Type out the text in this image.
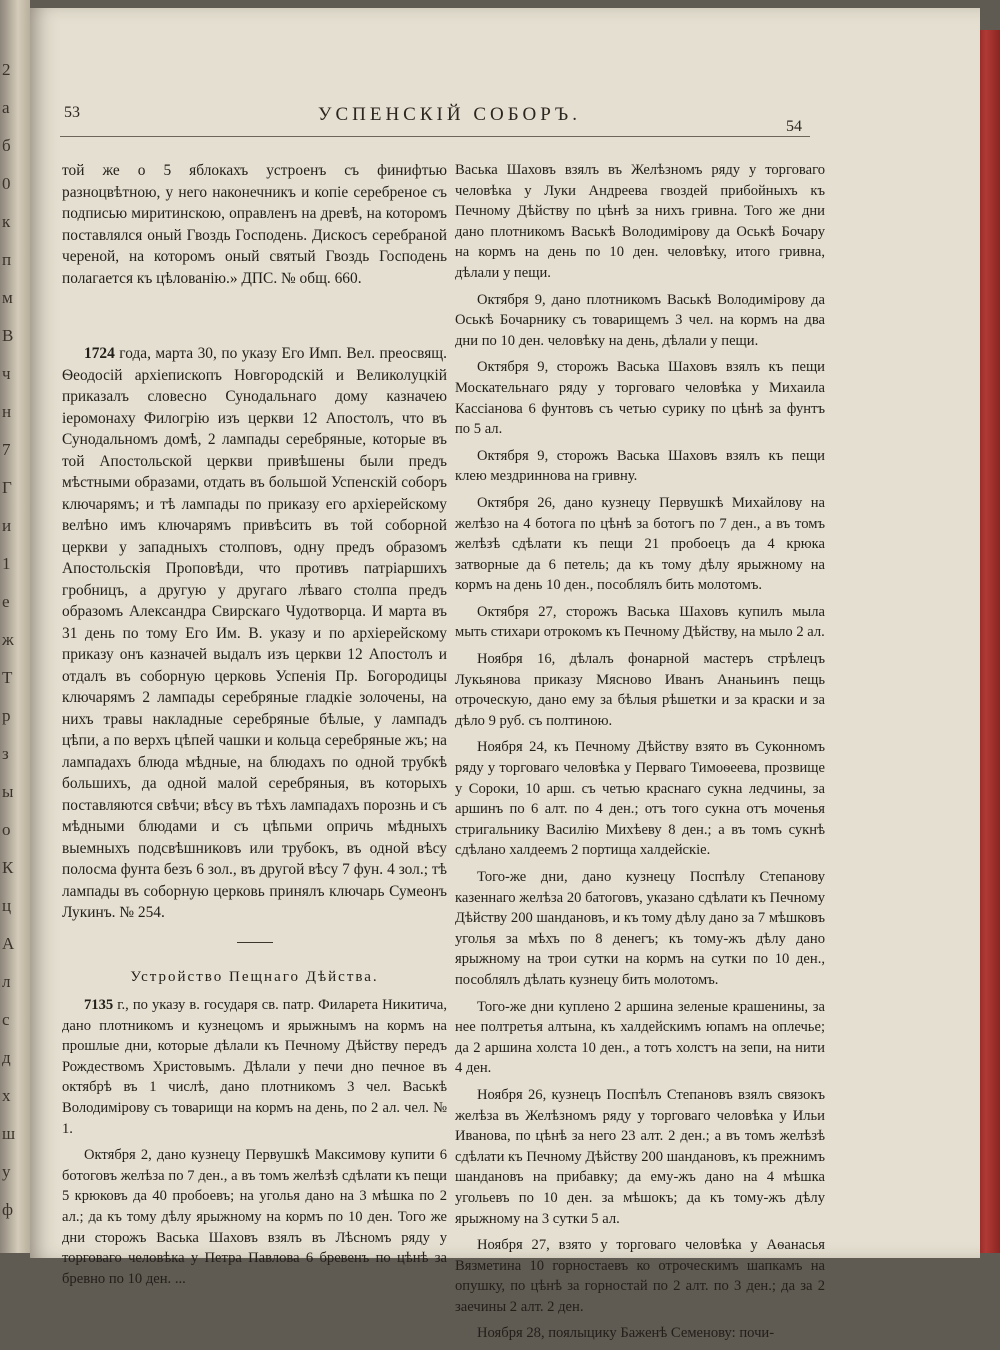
2
а
б
0
к
п
м
В
ч
н
7
Г
и
1
е
ж
Т
р
з
ы
о
К
ц
А
л
с
д
х
ш
у
ф
53	УСПЕНСКІЙ СОБОРЪ.
54

той же о 5 яблокахъ устроенъ съ финифтью разноцвѣтною, у него наконечникъ и копіе серебреное съ подписью миритинскою, оправленъ на древѣ, на которомъ поставлялся оный Гвоздь Господень. Дискосъ серебраной череной, на которомъ оный святый Гвоздь Господень полагается къ цѣлованію.» ДПС. № общ. 660.

1724 года, марта 30, по указу Его Имп. Вел. преосвящ. Ѳеодосій архіепископъ Новгородскій и Великолуцкій приказалъ словесно Сунодальнаго дому казначею іеромонаху Филогрію изъ церкви 12 Апостолъ, что въ Сунодальномъ домѣ, 2 лампады серебряные, которые въ той Апостольской церкви привѣшены были предъ мѣстными образами, отдать въ большой Успенскій соборъ ключарямъ; и тѣ лампады по приказу его архіерейскому велѣно имъ ключарямъ привѣсить въ той соборной церкви у западныхъ столповъ, одну предъ образомъ Апостольскія Проповѣди, что противъ патріаршихъ гробницъ, а другую у другаго лѣваго столпа предъ образомъ Александра Свирскаго Чудотворца. И марта въ 31 день по тому Его Им. В. указу и по архіерейскому приказу онъ казначей выдалъ изъ церкви 12 Апостолъ и отдалъ въ соборную церковь Успенія Пр. Богородицы ключарямъ 2 лампады серебряные гладкіе золочены, на нихъ травы накладные серебряные бѣлые, у лампадъ цѣпи, а по верхъ цѣпей чашки и кольца серебряные жъ; на лампадахъ блюда мѣдные, на блюдахъ по одной трубкѣ большихъ, да одной малой серебряныя, въ которыхъ поставляются свѣчи; вѣсу въ тѣхъ лампадахъ порознь и съ мѣдными блюдами и съ цѣпьми опричь мѣдныхъ выемныхъ подсвѣшниковъ или трубокъ, въ одной вѣсу полосма фунта безъ 6 зол., въ другой вѣсу 7 фун. 4 зол.; тѣ лампады въ соборную церковь принялъ ключарь Сумеонъ Лукинъ. № 254.

Устройство Пещнаго Дѣйства.

7135 г., по указу в. государя св. патр. Филарета Никитича, дано плотникомъ и кузнецомъ и ярыжнымъ на кормъ на прошлые дни, которые дѣлали къ Печному Дѣйству передъ Рождествомъ Христовымъ. Дѣлали у печи дно печное въ октябрѣ въ 1 числѣ, дано плотникомъ 3 чел. Васькѣ Володимірову съ товарищи на кормъ на день, по 2 ал. чел. № 1.

Октября 2, дано кузнецу Первушкѣ Максимову купити 6 ботоговъ желѣза по 7 ден., а въ томъ желѣзѣ сдѣлати къ пещи 5 крюковъ да 40 пробоевъ; на уголья дано на 3 мѣшка по 2 ал.; да къ тому дѣлу ярыжному на кормъ по 10 ден. Того же дни сторожъ Васька Шаховъ взялъ въ Лѣсномъ ряду у торговаго человѣка у Петра Павлова 6 бревенъ по цѣнѣ за бревно по 10 ден. ...

Васька Шаховъ взялъ въ Желѣзномъ ряду у торговаго человѣка у Луки Андреева гвоздей прибойныхъ къ Печному Дѣйству по цѣнѣ за нихъ гривна. Того же дни дано плотникомъ Васькѣ Володимірову да Оськѣ Бочару на кормъ на день по 10 ден. человѣку, итого гривна, дѣлали у пещи.

Октября 9, дано плотникомъ Васькѣ Володимірову да Оськѣ Бочарнику съ товарищемъ 3 чел. на кормъ на два дни по 10 ден. человѣку на день, дѣлали у пещи.

Октября 9, сторожъ Васька Шаховъ взялъ къ пещи Москательнаго ряду у торговаго человѣка у Михаила Кассіанова 6 фунтовъ съ четью сурику по цѣнѣ за фунтъ по 5 ал.

Октября 9, сторожъ Васька Шаховъ взялъ къ пещи клею мездриннова на гривну.

Октября 26, дано кузнецу Первушкѣ Михайлову на желѣзо на 4 ботога по цѣнѣ за ботогъ по 7 ден., а въ томъ желѣзѣ сдѣлати къ пещи 21 пробоецъ да 4 крюка затворные да 6 петель; да къ тому дѣлу ярыжному на кормъ на день 10 ден., пособлялъ бить молотомъ.

Октября 27, сторожъ Васька Шаховъ купилъ мыла мыть стихари отрокомъ къ Печному Дѣйству, на мыло 2 ал.

Ноября 16, дѣлалъ фонарной мастеръ стрѣлецъ Лукьянова приказу Мясново Иванъ Ананьинъ пещь отроческую, дано ему за бѣлыя рѣшетки и за краски и за дѣло 9 руб. съ полтиною.

Ноября 24, къ Печному Дѣйству взято въ Суконномъ ряду у торговаго человѣка у Перваго Тимоѳеева, прозвище у Сороки, 10 арш. съ четью краснаго сукна ледчины, за аршинъ по 6 алт. по 4 ден.; отъ того сукна отъ моченья стригальнику Василію Михѣеву 8 ден.; а въ томъ сукнѣ сдѣлано халдеемъ 2 портища халдейскіе.

Того-же дни, дано кузнецу Поспѣлу Степанову казеннаго желѣза 20 батоговъ, указано сдѣлати къ Печному Дѣйству 200 шандановъ, и къ тому дѣлу дано за 7 мѣшковъ уголья за мѣхъ по 8 денегъ; къ тому-жъ дѣлу дано ярыжному на трои сутки на кормъ на сутки по 10 ден., пособлялъ дѣлать кузнецу бить молотомъ.

Того-же дни куплено 2 аршина зеленые крашенины, за нее полтретья алтына, къ халдейскимъ юпамъ на оплечье; да 2 аршина холста 10 ден., а тотъ холстъ на зепи, на нити 4 ден.

Ноября 26, кузнецъ Поспѣлъ Степановъ взялъ связокъ желѣза въ Желѣзномъ ряду у торговаго человѣка у Ильи Иванова, по цѣнѣ за него 23 алт. 2 ден.; а въ томъ желѣзѣ сдѣлати къ Печному Дѣйству 200 шандановъ, къ прежнимъ шандановъ на прибавку; да ему-жъ дано на 4 мѣшка угольевъ по 10 ден. за мѣшокъ; да къ тому-жъ дѣлу ярыжному на 3 сутки 5 ал.

Ноября 27, взято у торговаго человѣка у Аѳанасья Вязметина 10 горностаевъ ко отроческимъ шапкамъ на опушку, по цѣнѣ за горностай по 2 алт. по 3 ден.; да за 2 заечины 2 алт. 2 ден.

Ноября 28, поялыцику Баженѣ Семенову: почи-
